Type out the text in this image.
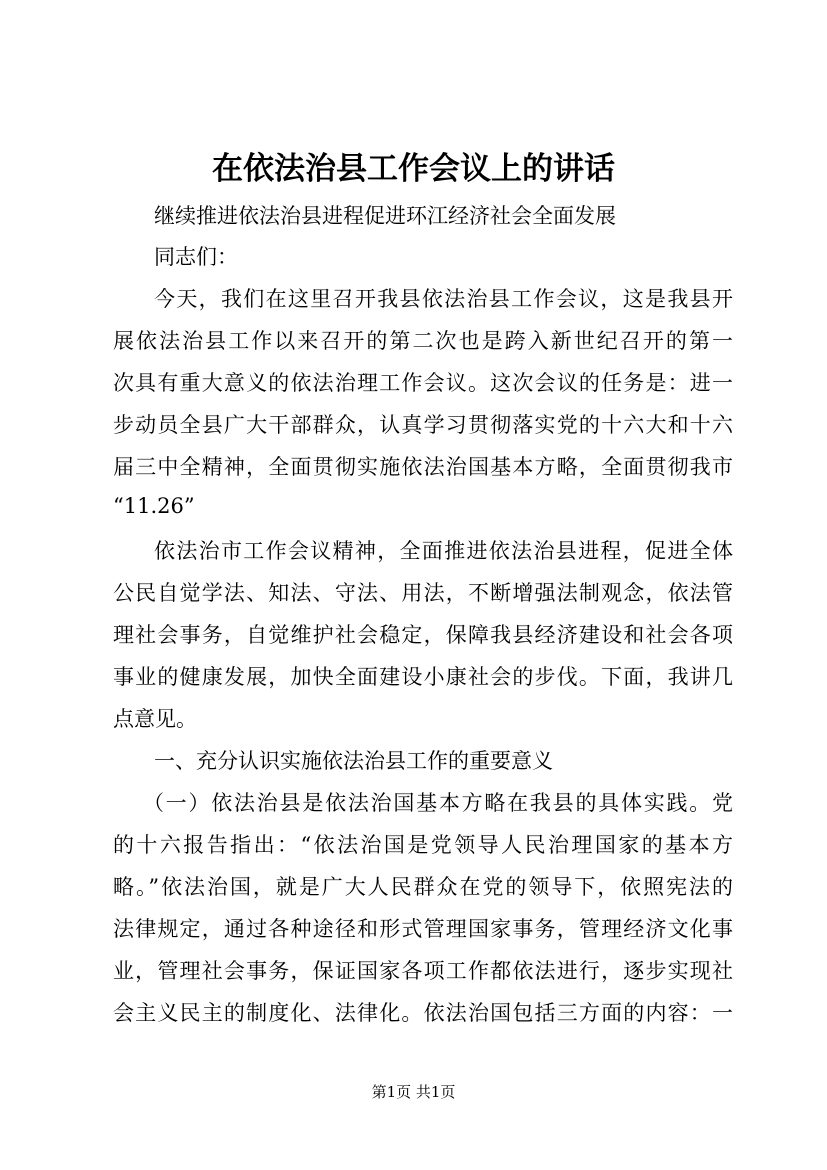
在依法治县工作会议上的讲话
继续推进依法治县进程促进环江经济社会全面发展
同志们：
今天，我们在这里召开我县依法治县工作会议，这是我县开
展依法治县工作以来召开的第二次也是跨入新世纪召开的第一
次具有重大意义的依法治理工作会议。这次会议的任务是：进一
步动员全县广大干部群众，认真学习贯彻落实党的十六大和十六
届三中全精神，全面贯彻实施依法治国基本方略，全面贯彻我市
“11.26”
依法治市工作会议精神，全面推进依法治县进程，促进全体
公民自觉学法、知法、守法、用法，不断增强法制观念，依法管
理社会事务，自觉维护社会稳定，保障我县经济建设和社会各项
事业的健康发展，加快全面建设小康社会的步伐。下面，我讲几
点意见。
一、充分认识实施依法治县工作的重要意义
（一）依法治县是依法治国基本方略在我县的具体实践。党
的十六报告指出：“依法治国是党领导人民治理国家的基本方
略。”依法治国，就是广大人民群众在党的领导下，依照宪法的
法律规定，通过各种途径和形式管理国家事务，管理经济文化事
业，管理社会事务，保证国家各项工作都依法进行，逐步实现社
会主义民主的制度化、法律化。依法治国包括三方面的内容：一
第1页 共1页
